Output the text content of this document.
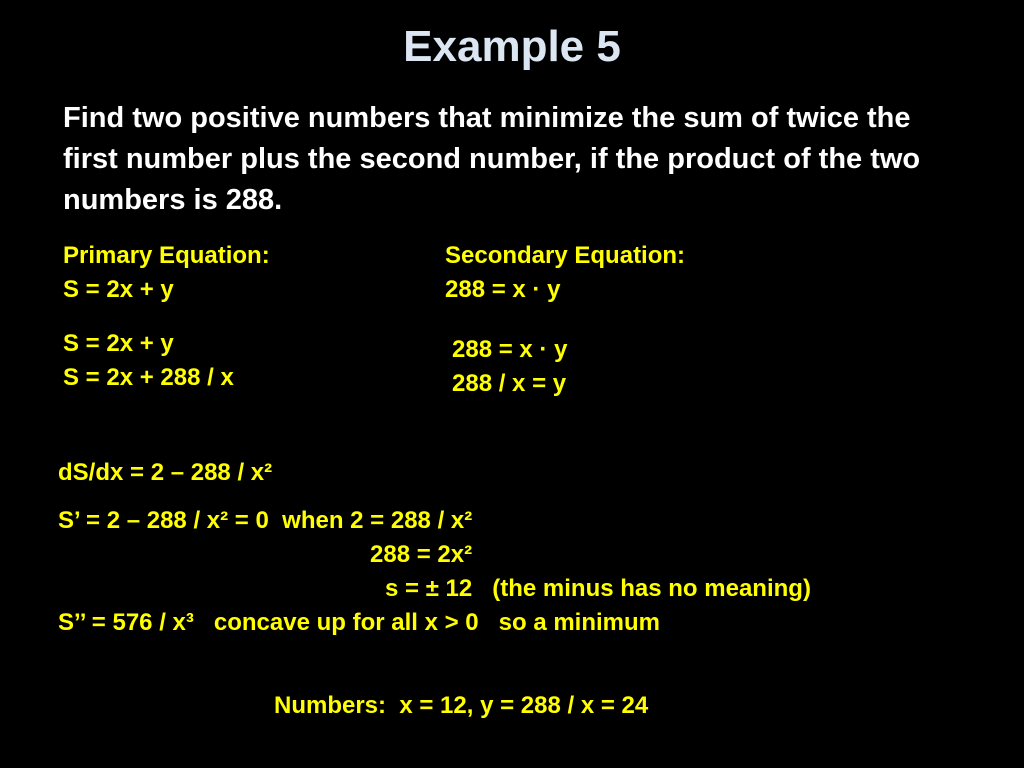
Example 5

Find two positive numbers that minimize the sum of twice the first number plus the second number, if the product of the two numbers is 288.

Primary Equation:
S = 2x + y
Secondary Equation:
288 = x · y
S = 2x + y
S = 2x + 288 / x
288 = x · y
288 / x = y
dS/dx = 2 – 288 / x²
S’ = 2 – 288 / x² = 0  when 2 = 288 / x²
288 = 2x²
s = ± 12   (the minus has no meaning)
S’’ = 576 / x³   concave up for all x > 0   so a minimum
Numbers:  x = 12, y = 288 / x = 24
